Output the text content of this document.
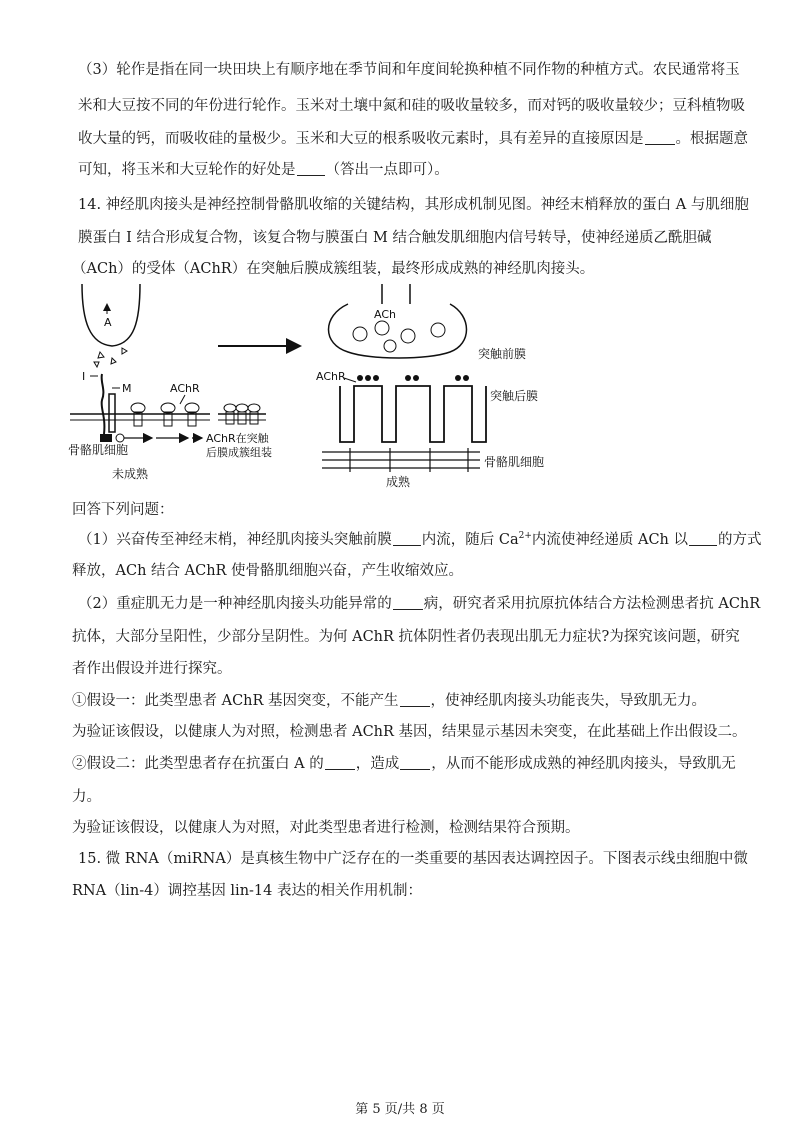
（3）轮作是指在同一块田块上有顺序地在季节间和年度间轮换种植不同作物的种植方式。农民通常将玉
米和大豆按不同的年份进行轮作。玉米对土壤中氮和硅的吸收量较多，而对钙的吸收量较少；豆科植物吸
收大量的钙，而吸收硅的量极少。玉米和大豆的根系吸收元素时，具有差异的直接原因是 。根据题意
可知，将玉米和大豆轮作的好处是 （答出一点即可）。
14. 神经肌肉接头是神经控制骨骼肌收缩的关键结构，其形成机制见图。神经末梢释放的蛋白 A 与肌细胞
膜蛋白 I 结合形成复合物，该复合物与膜蛋白 M 结合触发肌细胞内信号转导，使神经递质乙酰胆碱
（ACh）的受体（AChR）在突触后膜成簇组装，最终形成成熟的神经肌肉接头。
A
I
M	AChR
AChR在突触
后膜成簇组装
骨骼肌细胞
未成熟
ACh
突触前膜
AChR
突触后膜
骨骼肌细胞
成熟
回答下列问题：
（1）兴奋传至神经末梢，神经肌肉接头突触前膜 内流，随后 $Ca^{2+}$内流使神经递质 ACh 以 的方式
释放，ACh 结合 AChR 使骨骼肌细胞兴奋，产生收缩效应。
（2）重症肌无力是一种神经肌肉接头功能异常的 病，研究者采用抗原抗体结合方法检测患者抗 AChR
抗体，大部分呈阳性，少部分呈阴性。为何 AChR 抗体阴性者仍表现出肌无力症状?为探究该问题，研究
者作出假设并进行探究。
①假设一：此类型患者 AChR 基因突变，不能产生 ，使神经肌肉接头功能丧失，导致肌无力。
为验证该假设，以健康人为对照，检测患者 AChR 基因，结果显示基因未突变，在此基础上作出假设二。
②假设二：此类型患者存在抗蛋白 A 的 ，造成 ，从而不能形成成熟的神经肌肉接头，导致肌无
力。
为验证该假设，以健康人为对照，对此类型患者进行检测，检测结果符合预期。
15. 微 RNA（miRNA）是真核生物中广泛存在的一类重要的基因表达调控因子。下图表示线虫细胞中微
RNA（lin-4）调控基因 lin-14 表达的相关作用机制：
第 5 页/共 8 页
